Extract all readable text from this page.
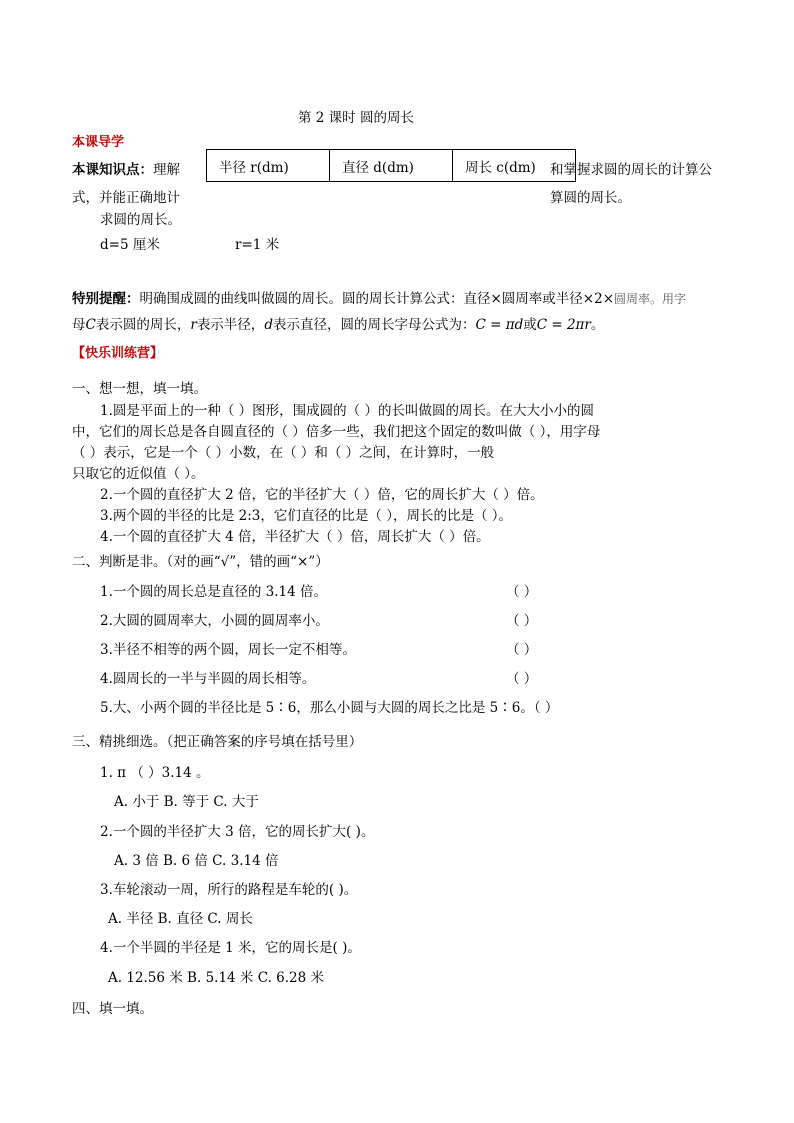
第 2 课时 圆的周长
本课导学
本课知识点：理解	半径 r(dm)	直径 d(dm)	周长 c(dm) 和掌握求圆的周长的计算公
式，并能正确地计	算圆的周长。
求圆的周长。
d=5 厘米	r=1 米
特别提醒：明确围成圆的曲线叫做圆的周长。圆的周长计算公式：直径×圆周率或半径×2×圆周率。用字
母C表示圆的周长，r表示半径，d表示直径，圆的周长字母公式为：C = πd或C = 2πr。
【快乐训练营】
一、想一想，填一填。
1.圆是平面上的一种（ ）图形，围成圆的（ ）的长叫做圆的周长。在大大小小的圆
中，它们的周长总是各自圆直径的（ ）倍多一些，我们把这个固定的数叫做（ ），用字母
（ ）表示，它是一个（ ）小数，在（ ）和（ ）之间，在计算时，一般
只取它的近似值（ ）。
2.一个圆的直径扩大 2 倍，它的半径扩大（ ）倍，它的周长扩大（ ）倍。
3.两个圆的半径的比是 2:3，它们直径的比是（ ），周长的比是（ ）。
4.一个圆的直径扩大 4 倍，半径扩大（ ）倍，周长扩大（ ）倍。
二、判断是非。（对的画“√”，错的画“×”）
1.一个圆的周长总是直径的 3.14 倍。	（ ）
2.大圆的圆周率大，小圆的圆周率小。	（ ）
3.半径不相等的两个圆，周长一定不相等。	（ ）
4.圆周长的一半与半圆的周长相等。	（ ）
5.大、小两个圆的半径比是 5∶6，那么小圆与大圆的周长之比是 5∶6。（ ）
三、精挑细选。（把正确答案的序号填在括号里）
1. π （ ）3.14 。
A. 小于 B. 等于 C. 大于
2.一个圆的半径扩大 3 倍，它的周长扩大( )。
A. 3 倍 B. 6 倍 C. 3.14 倍
3.车轮滚动一周，所行的路程是车轮的( )。
A. 半径 B. 直径 C. 周长
4.一个半圆的半径是 1 米，它的周长是( )。
A. 12.56 米 B. 5.14 米 C. 6.28 米
四、填一填。
